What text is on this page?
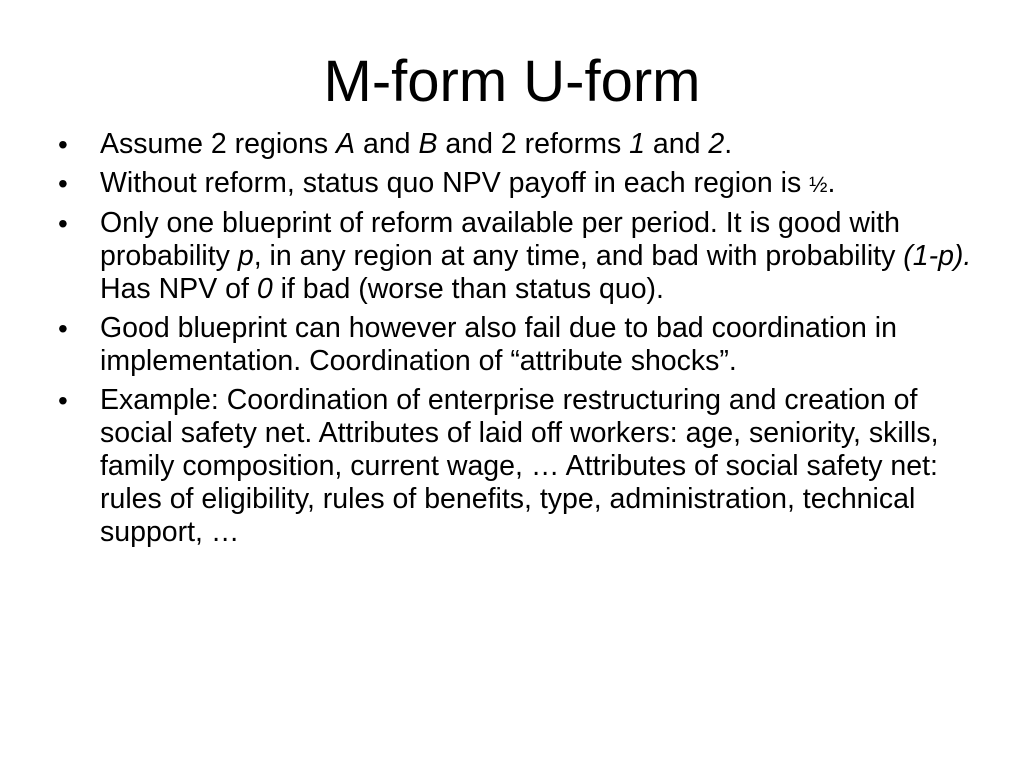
M-form U-form
• Assume 2 regions A and B and 2 reforms 1 and 2.
• Without reform, status quo NPV payoff in each region is ½.
• Only one blueprint of reform available per period. It is good with probability p, in any region at any time, and bad with probability (1-p). Has NPV of 0 if bad (worse than status quo).
• Good blueprint can however also fail due to bad coordination in implementation. Coordination of “attribute shocks”.
• Example: Coordination of enterprise restructuring and creation of social safety net. Attributes of laid off workers: age, seniority, skills, family composition, current wage, … Attributes of social safety net: rules of eligibility, rules of benefits, type, administration, technical support, …
